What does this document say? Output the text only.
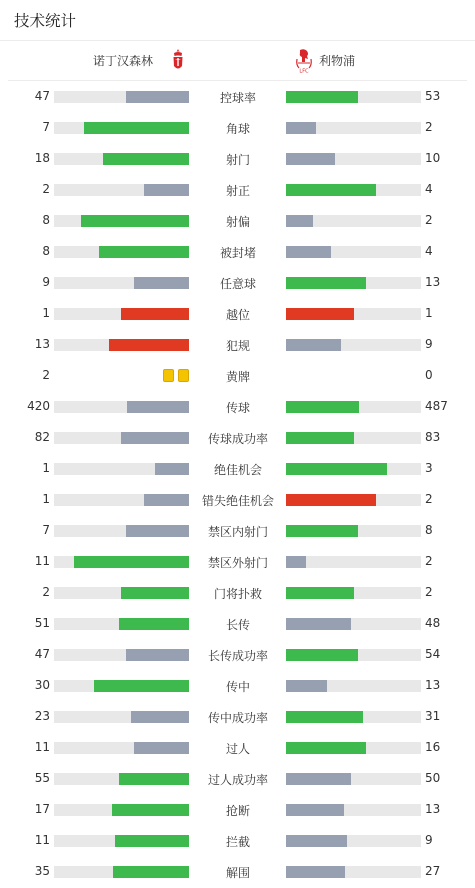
技术统计
诺丁汉森林
LFC
利物浦
47	控球率	53
7	角球	2
18	射门	10
2	射正	4
8	射偏	2
8	被封堵	4
9	任意球	13
1	越位	1
13	犯规	9
2	黄牌	0
420	传球	487
82	传球成功率	83
1	绝佳机会	3
1	错失绝佳机会	2
7	禁区内射门	8
11	禁区外射门	2
2	门将扑救	2
51	长传	48
47	长传成功率	54
30	传中	13
23	传中成功率	31
11	过人	16
55	过人成功率	50
17	抢断	13
11	拦截	9
35	解围	27
